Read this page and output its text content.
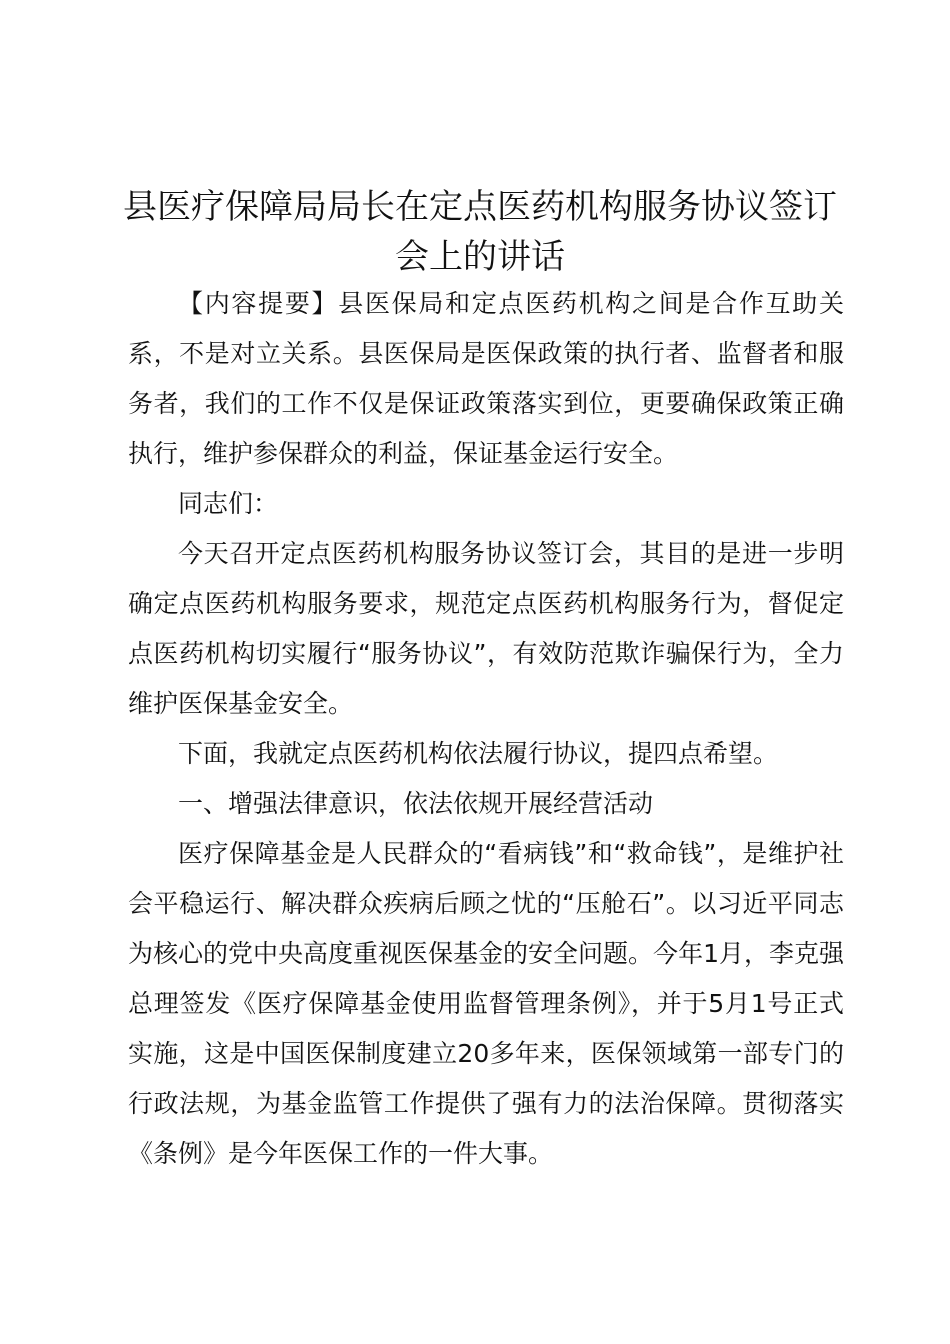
县医疗保障局局长在定点医药机构服务协议签订会上的讲话

【内容提要】县医保局和定点医药机构之间是合作互助关系，不是对立关系。县医保局是医保政策的执行者、监督者和服务者，我们的工作不仅是保证政策落实到位，更要确保政策正确执行，维护参保群众的利益，保证基金运行安全。

同志们：

今天召开定点医药机构服务协议签订会，其目的是进一步明确定点医药机构服务要求，规范定点医药机构服务行为，督促定点医药机构切实履行“服务协议”，有效防范欺诈骗保行为，全力维护医保基金安全。

下面，我就定点医药机构依法履行协议，提四点希望。

一、增强法律意识，依法依规开展经营活动

医疗保障基金是人民群众的“看病钱”和“救命钱”，是维护社会平稳运行、解决群众疾病后顾之忧的“压舱石”。以习近平同志为核心的党中央高度重视医保基金的安全问题。今年1月，李克强总理签发《医疗保障基金使用监督管理条例》，并于5月1号正式实施，这是中国医保制度建立20多年来，医保领域第一部专门的行政法规，为基金监管工作提供了强有力的法治保障。贯彻落实《条例》是今年医保工作的一件大事。
